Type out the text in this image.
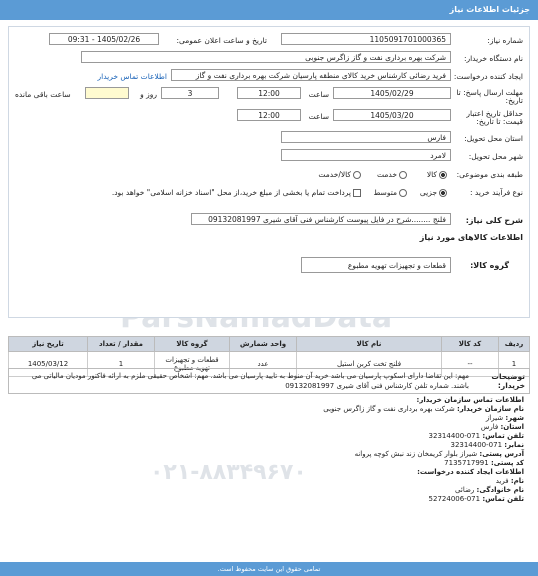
جزئیات اطلاعات نیاز
۰۲۱-۸۸۳۴۹۶۷۰
شماره نیاز:
1105091701000365
تاریخ و ساعت اعلان عمومی:
1405/02/26 - 09:31
نام دستگاه خریدار:
شرکت بهره برداری نفت و گاز زاگرس جنوبی
ایجاد کننده درخواست:
فرید رضائی کارشناس خرید کالای منطقه پارسیان شرکت بهره برداری نفت و گاز
اطلاعات تماس خریدار
مهلت ارسال پاسخ: تا تاریخ:
1405/02/29
ساعت
12:00
3
روز و
ساعت باقی مانده
حداقل تاریخ اعتبار قیمت: تا تاریخ:
1405/03/20
ساعت
12:00
استان محل تحویل:
فارس
شهر محل تحویل:
لامرد
طبقه بندی موضوعی:
کالا
خدمت
کالا/خدمت
نوع فرآیند خرید :
جزیی
متوسط
پرداخت تمام یا بخشی از مبلغ خرید،از محل "اسناد خزانه اسلامی" خواهد بود.
شرح کلی نیاز:
فلنج ........شرح در فایل پیوست کارشناس فنی آقای شیری 09132081997
اطلاعات کالاهای مورد نیاز
گروه کالا:
قطعات و تجهیزات تهویه مطبوع
ردیف	کد کالا	نام کالا	واحد شمارش	گروه کالا	مقدار / تعداد	تاریخ نیاز
1	--	فلنج تخت کربن استیل	عدد	قطعات و تجهیزات تهویه مطبوع	1	1405/03/12
توضیحات خریدار:
مهم: این تقاضا دارای اسکوپ پارسیان می باشد خرید آن منوط به تایید پارسیان می باشد. مهم: اشخاص حقیقی ملزم به ارائه فاکتور مودیان مالیاتی می باشند. شماره تلفن کارشناس فنی آقای شیری 09132081997
اطلاعات تماس سازمان خریدار:
نام سازمان خریدار: شرکت بهره برداری نفت و گاز زاگرس جنوبی
شهر: شیراز
استان: فارس
تلفن تماس: 071-32314400
نمابر: 071-32314400
آدرس پستی: شیراز بلوار کریمخان زند نبش کوچه پروانه
کد پستی: 7135717991
اطلاعات ایجاد کننده درخواست:
نام: فرید
نام خانوادگی: رضائی
تلفن تماس: 071-52724006
تمامی حقوق این سایت محفوظ است.
